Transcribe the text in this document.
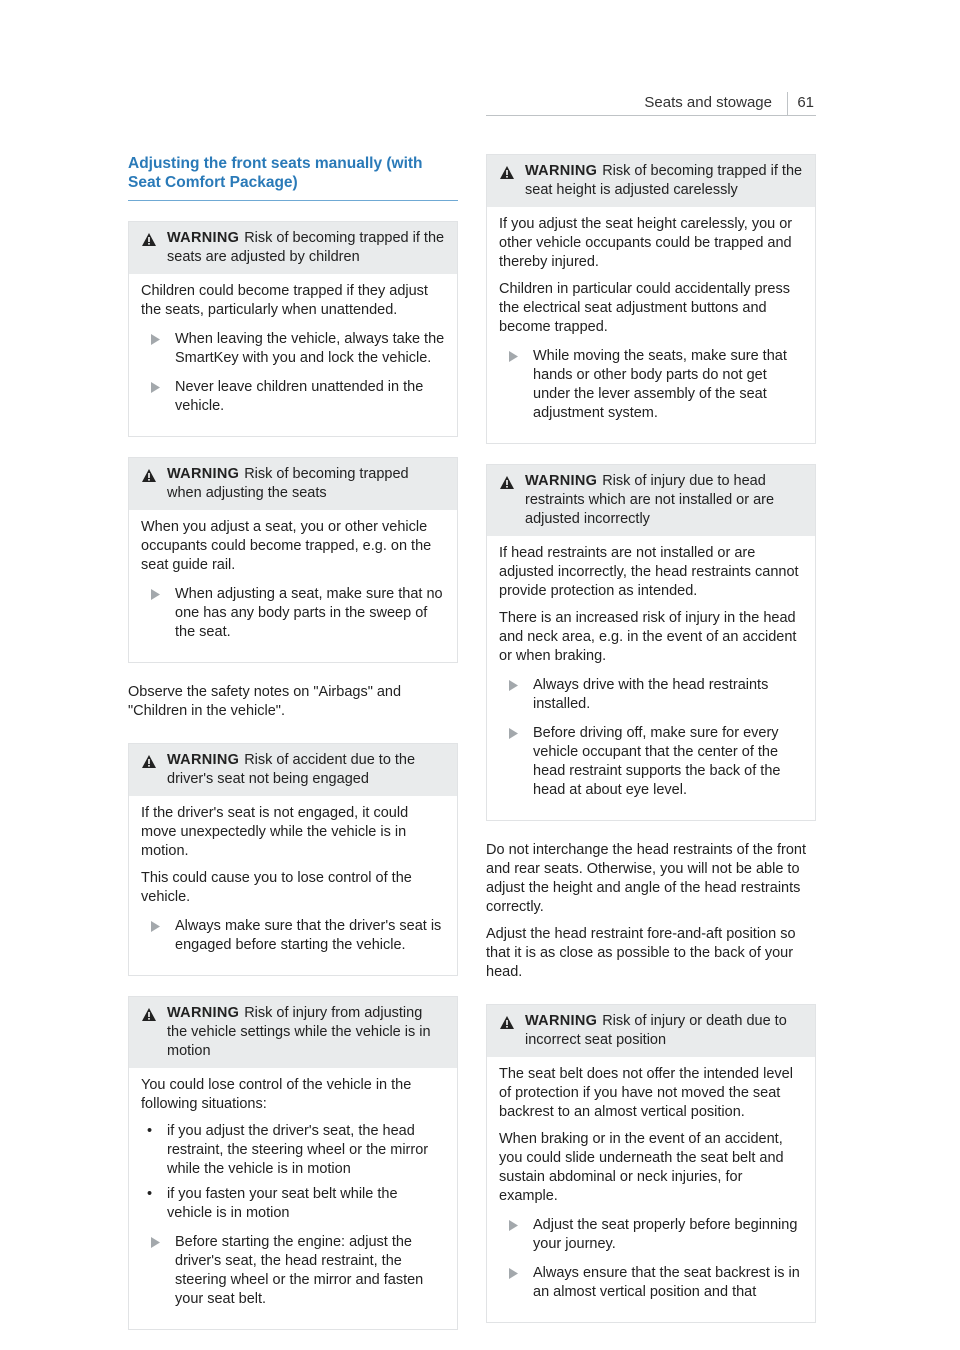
Seats and stowage 61
Adjusting the front seats manually (with Seat Comfort Package)
WARNING Risk of becoming trapped if the seats are adjusted by children

Children could become trapped if they adjust the seats, particularly when unattended.

When leaving the vehicle, always take the SmartKey with you and lock the vehicle.
Never leave children unattended in the vehicle.
WARNING Risk of becoming trapped when adjusting the seats

When you adjust a seat, you or other vehicle occupants could become trapped, e.g. on the seat guide rail.

When adjusting a seat, make sure that no one has any body parts in the sweep of the seat.

Observe the safety notes on "Airbags" and "Children in the vehicle".

WARNING Risk of accident due to the driver's seat not being engaged

If the driver's seat is not engaged, it could move unexpectedly while the vehicle is in motion.

This could cause you to lose control of the vehicle.

Always make sure that the driver's seat is engaged before starting the vehicle.
WARNING Risk of injury from adjusting the vehicle settings while the vehicle is in motion

You could lose control of the vehicle in the following situations:

•	if you adjust the driver's seat, the head restraint, the steering wheel or the mirror while the vehicle is in motion
•	if you fasten your seat belt while the vehicle is in motion
Before starting the engine: adjust the driver's seat, the head restraint, the steering wheel or the mirror and fasten your seat belt.
WARNING Risk of becoming trapped if the seat height is adjusted carelessly

If you adjust the seat height carelessly, you or other vehicle occupants could be trapped and thereby injured.

Children in particular could accidentally press the electrical seat adjustment buttons and become trapped.

While moving the seats, make sure that hands or other body parts do not get under the lever assembly of the seat adjustment system.
WARNING Risk of injury due to head restraints which are not installed or are adjusted incorrectly

If head restraints are not installed or are adjusted incorrectly, the head restraints cannot provide protection as intended.

There is an increased risk of injury in the head and neck area, e.g. in the event of an accident or when braking.

Always drive with the head restraints installed.
Before driving off, make sure for every vehicle occupant that the center of the head restraint supports the back of the head at about eye level.

Do not interchange the head restraints of the front and rear seats. Otherwise, you will not be able to adjust the height and angle of the head restraints correctly.

Adjust the head restraint fore-and-aft position so that it is as close as possible to the back of your head.

WARNING Risk of injury or death due to incorrect seat position

The seat belt does not offer the intended level of protection if you have not moved the seat backrest to an almost vertical position.

When braking or in the event of an accident, you could slide underneath the seat belt and sustain abdominal or neck injuries, for example.

Adjust the seat properly before beginning your journey.
Always ensure that the seat backrest is in an almost vertical position and that
